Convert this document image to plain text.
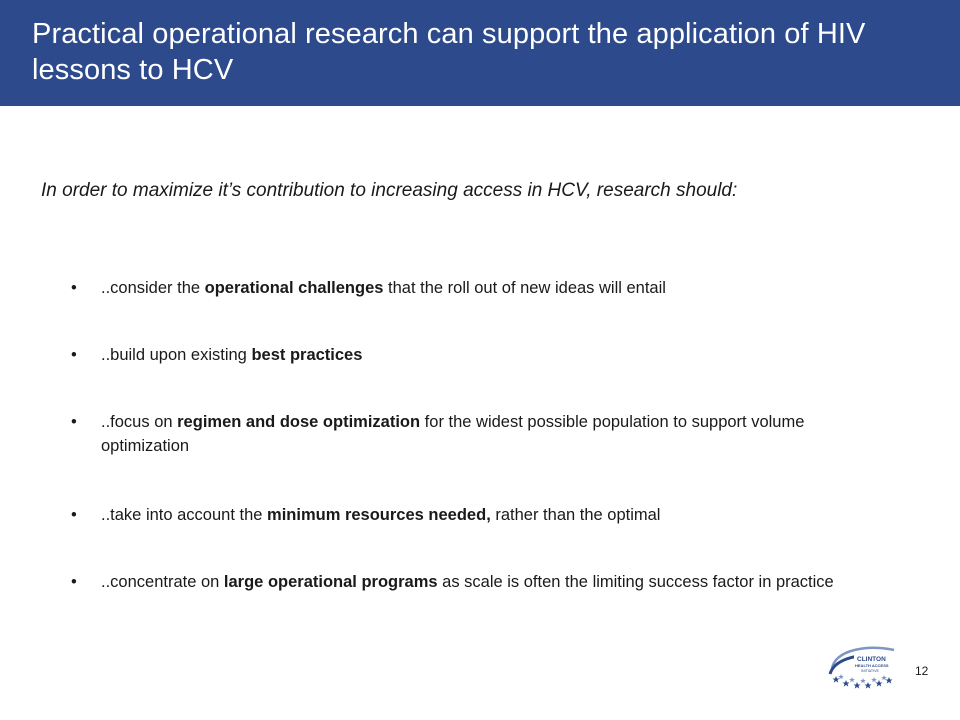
Practical operational research can support the application of HIV lessons to HCV
In order to maximize it’s contribution to increasing access in HCV, research should:
•	..consider the operational challenges that the roll out of new ideas will entail
•	..build upon existing best practices
•	..focus on regimen and dose optimization for the widest possible population to support volume optimization
•	..take into account the minimum resources needed, rather than the optimal
•	..concentrate on large operational programs as scale is often the limiting success factor in practice
CLINTON
HEALTH ACCESS
INITIATIVE	12
